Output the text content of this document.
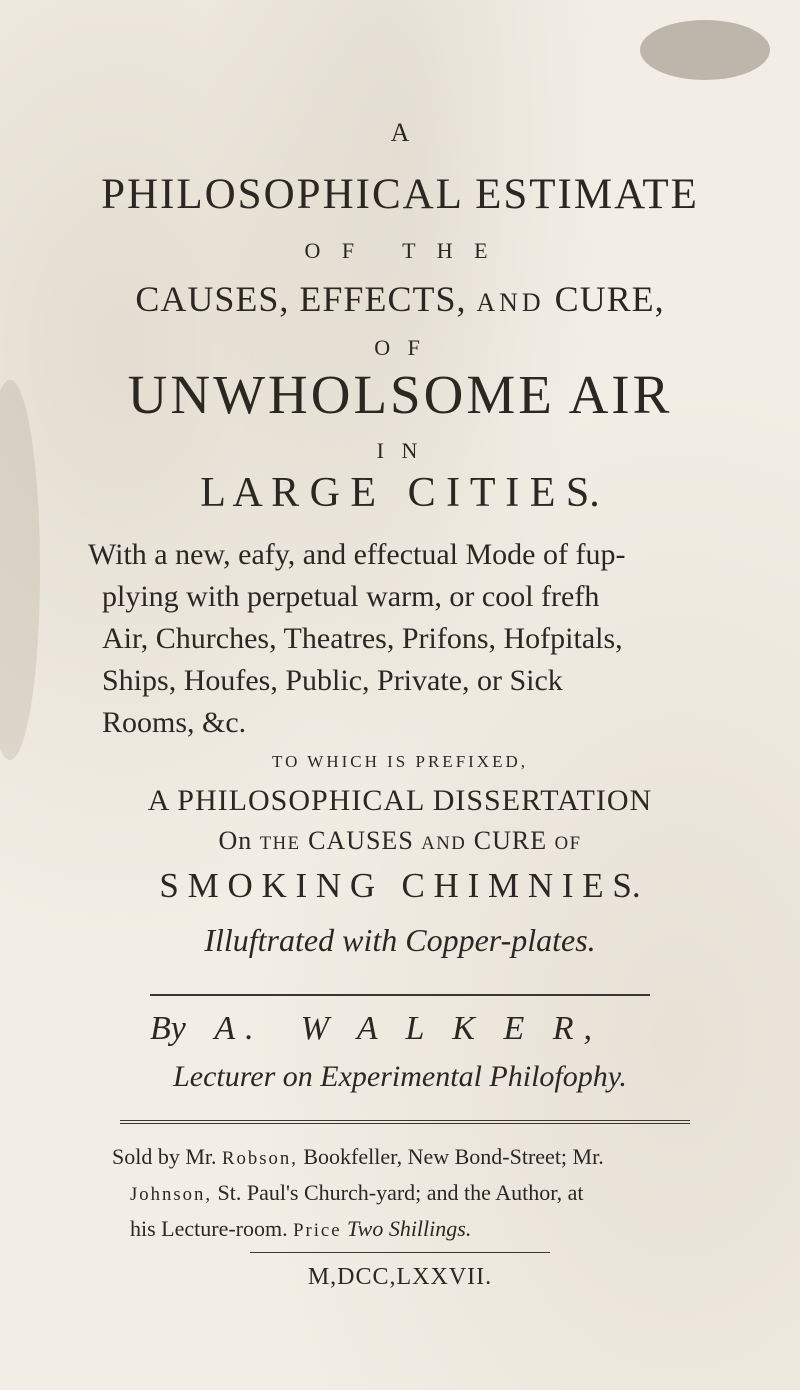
A
PHILOSOPHICAL ESTIMATE
O F   T H E
CAUSES, EFFECTS, AND CURE,
O F
UNWHOLSOME AIR
I N
L A R G E   C I T I E S.
With a new, eafy, and effectual Mode of fup-
plying with perpetual warm, or cool frefh
Air, Churches, Theatres, Prifons, Hofpitals,
Ships, Houfes, Public, Private, or Sick
Rooms, &c.
TO WHICH IS PREFIXED,
A PHILOSOPHICAL DISSERTATION
On THE CAUSES AND CURE OF
S M O K I N G   C H I M N I E S.
Illuftrated with Copper-plates.
By A.  W A L K E R,
Lecturer on Experimental Philofophy.
Sold by Mr. Robson, Bookfeller, New Bond-Street; Mr.
Johnson, St. Paul's Church-yard; and the Author, at
his Lecture-room. Price Two Shillings.
M,DCC,LXXVII.
